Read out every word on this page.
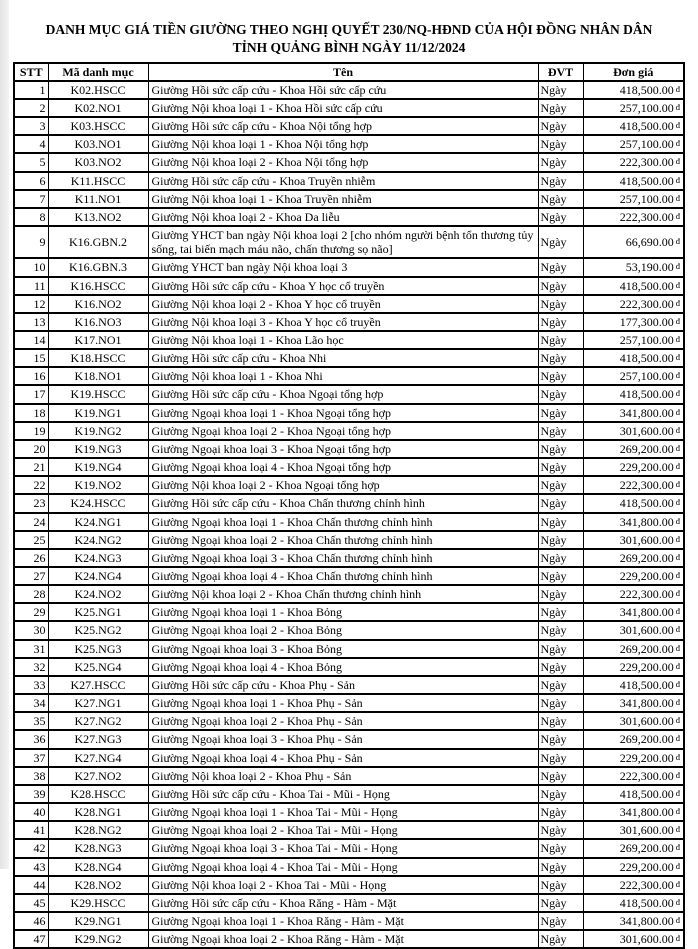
DANH MỤC GIÁ TIỀN GIƯỜNG THEO NGHỊ QUYẾT 230/NQ-HĐND CỦA HỘI ĐỒNG NHÂN DÂN
TỈNH QUẢNG BÌNH NGÀY 11/12/2024
STT	Mã danh mục	Tên	ĐVT	Đơn giá
1	K02.HSCC	Giường Hồi sức cấp cứu - Khoa Hồi sức cấp cứu	Ngày	418,500.00 $^đ$
2	K02.NO1	Giường Nội khoa loại 1 - Khoa Hồi sức cấp cứu	Ngày	257,100.00 $^đ$
3	K03.HSCC	Giường Hồi sức cấp cứu - Khoa Nội tổng hợp	Ngày	418,500.00 $^đ$
4	K03.NO1	Giường Nội khoa loại 1 - Khoa Nội tổng hợp	Ngày	257,100.00 $^đ$
5	K03.NO2	Giường Nội khoa loại 2 - Khoa Nội tổng hợp	Ngày	222,300.00 $^đ$
6	K11.HSCC	Giường Hồi sức cấp cứu - Khoa Truyền nhiễm	Ngày	418,500.00 $^đ$
7	K11.NO1	Giường Nội khoa loại 1 - Khoa Truyền nhiễm	Ngày	257,100.00 $^đ$
8	K13.NO2	Giường Nội khoa loại 2 - Khoa Da liễu	Ngày	222,300.00 $^đ$
9	K16.GBN.2	Giường YHCT ban ngày Nội khoa loại 2 [cho nhóm người bệnh tổn thương tủy sống, tai biến mạch máu não, chấn thương sọ não]	Ngày	66,690.00 $^đ$
10	K16.GBN.3	Giường YHCT ban ngày Nội khoa loại 3	Ngày	53,190.00 $^đ$
11	K16.HSCC	Giường Hồi sức cấp cứu - Khoa Y học cổ truyền	Ngày	418,500.00 $^đ$
12	K16.NO2	Giường Nội khoa loại 2 - Khoa Y học cổ truyền	Ngày	222,300.00 $^đ$
13	K16.NO3	Giường Nội khoa loại 3 - Khoa Y học cổ truyền	Ngày	177,300.00 $^đ$
14	K17.NO1	Giường Nội khoa loại 1 - Khoa Lão học	Ngày	257,100.00 $^đ$
15	K18.HSCC	Giường Hồi sức cấp cứu - Khoa Nhi	Ngày	418,500.00 $^đ$
16	K18.NO1	Giường Nội khoa loại 1 - Khoa Nhi	Ngày	257,100.00 $^đ$
17	K19.HSCC	Giường Hồi sức cấp cứu - Khoa Ngoại tổng hợp	Ngày	418,500.00 $^đ$
18	K19.NG1	Giường Ngoại khoa loại 1 - Khoa Ngoại tổng hợp	Ngày	341,800.00 $^đ$
19	K19.NG2	Giường Ngoại khoa loại 2 - Khoa Ngoại tổng hợp	Ngày	301,600.00 $^đ$
20	K19.NG3	Giường Ngoại khoa loại 3 - Khoa Ngoại tổng hợp	Ngày	269,200.00 $^đ$
21	K19.NG4	Giường Ngoại khoa loại 4 - Khoa Ngoại tổng hợp	Ngày	229,200.00 $^đ$
22	K19.NO2	Giường Nội khoa loại 2 - Khoa Ngoại tổng hợp	Ngày	222,300.00 $^đ$
23	K24.HSCC	Giường Hồi sức cấp cứu - Khoa Chấn thương chỉnh hình	Ngày	418,500.00 $^đ$
24	K24.NG1	Giường Ngoại khoa loại 1 - Khoa Chấn thương chỉnh hình	Ngày	341,800.00 $^đ$
25	K24.NG2	Giường Ngoại khoa loại 2 - Khoa Chấn thương chỉnh hình	Ngày	301,600.00 $^đ$
26	K24.NG3	Giường Ngoại khoa loại 3 - Khoa Chấn thương chỉnh hình	Ngày	269,200.00 $^đ$
27	K24.NG4	Giường Ngoại khoa loại 4 - Khoa Chấn thương chỉnh hình	Ngày	229,200.00 $^đ$
28	K24.NO2	Giường Nội khoa loại 2 - Khoa Chấn thương chỉnh hình	Ngày	222,300.00 $^đ$
29	K25.NG1	Giường Ngoại khoa loại 1 - Khoa Bỏng	Ngày	341,800.00 $^đ$
30	K25.NG2	Giường Ngoại khoa loại 2 - Khoa Bỏng	Ngày	301,600.00 $^đ$
31	K25.NG3	Giường Ngoại khoa loại 3 - Khoa Bỏng	Ngày	269,200.00 $^đ$
32	K25.NG4	Giường Ngoại khoa loại 4 - Khoa Bỏng	Ngày	229,200.00 $^đ$
33	K27.HSCC	Giường Hồi sức cấp cứu - Khoa Phụ - Sản	Ngày	418,500.00 $^đ$
34	K27.NG1	Giường Ngoại khoa loại 1 - Khoa Phụ - Sản	Ngày	341,800.00 $^đ$
35	K27.NG2	Giường Ngoại khoa loại 2 - Khoa Phụ - Sản	Ngày	301,600.00 $^đ$
36	K27.NG3	Giường Ngoại khoa loại 3 - Khoa Phụ - Sản	Ngày	269,200.00 $^đ$
37	K27.NG4	Giường Ngoại khoa loại 4 - Khoa Phụ - Sản	Ngày	229,200.00 $^đ$
38	K27.NO2	Giường Nội khoa loại 2 - Khoa Phụ - Sản	Ngày	222,300.00 $^đ$
39	K28.HSCC	Giường Hồi sức cấp cứu - Khoa Tai - Mũi - Họng	Ngày	418,500.00 $^đ$
40	K28.NG1	Giường Ngoại khoa loại 1 - Khoa Tai - Mũi - Họng	Ngày	341,800.00 $^đ$
41	K28.NG2	Giường Ngoại khoa loại 2 - Khoa Tai - Mũi - Họng	Ngày	301,600.00 $^đ$
42	K28.NG3	Giường Ngoại khoa loại 3 - Khoa Tai - Mũi - Họng	Ngày	269,200.00 $^đ$
43	K28.NG4	Giường Ngoại khoa loại 4 - Khoa Tai - Mũi - Họng	Ngày	229,200.00 $^đ$
44	K28.NO2	Giường Nội khoa loại 2 - Khoa Tai - Mũi - Họng	Ngày	222,300.00 $^đ$
45	K29.HSCC	Giường Hồi sức cấp cứu - Khoa Răng - Hàm - Mặt	Ngày	418,500.00 $^đ$
46	K29.NG1	Giường Ngoại khoa loại 1 - Khoa Răng - Hàm - Mặt	Ngày	341,800.00 $^đ$
47	K29.NG2	Giường Ngoại khoa loại 2 - Khoa Răng - Hàm - Mặt	Ngày	301,600.00 $^đ$
